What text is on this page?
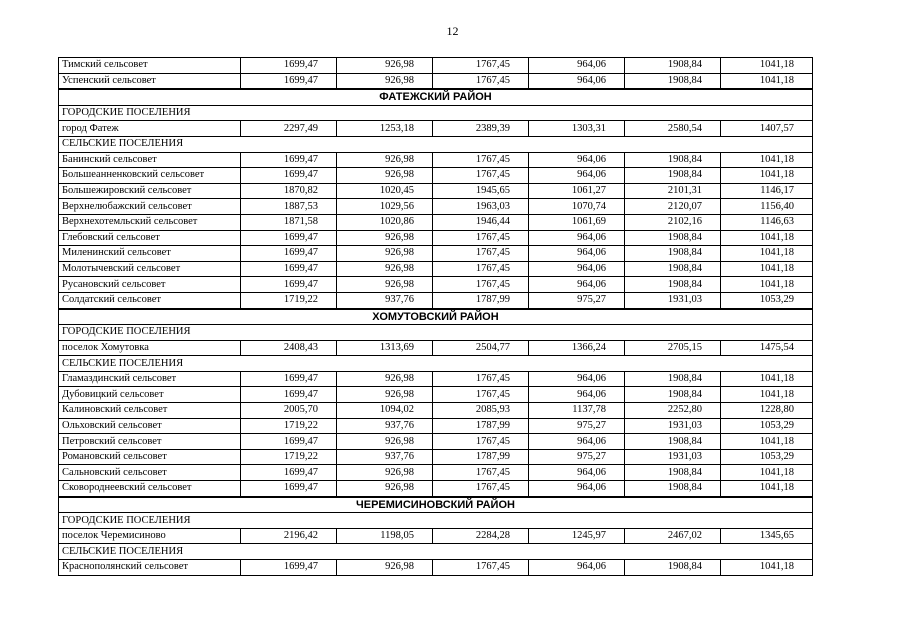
12
Тимский сельсовет	1699,47	926,98	1767,45	964,06	1908,84	1041,18
Успенский сельсовет	1699,47	926,98	1767,45	964,06	1908,84	1041,18
ФАТЕЖСКИЙ РАЙОН						
ГОРОДСКИЕ ПОСЕЛЕНИЯ						
город Фатеж	2297,49	1253,18	2389,39	1303,31	2580,54	1407,57
СЕЛЬСКИЕ ПОСЕЛЕНИЯ						
Банинский сельсовет	1699,47	926,98	1767,45	964,06	1908,84	1041,18
Большеанненковский сельсовет	1699,47	926,98	1767,45	964,06	1908,84	1041,18
Большежировский сельсовет	1870,82	1020,45	1945,65	1061,27	2101,31	1146,17
Верхнелюбажский сельсовет	1887,53	1029,56	1963,03	1070,74	2120,07	1156,40
Верхнехотемльский сельсовет	1871,58	1020,86	1946,44	1061,69	2102,16	1146,63
Глебовский сельсовет	1699,47	926,98	1767,45	964,06	1908,84	1041,18
Миленинский сельсовет	1699,47	926,98	1767,45	964,06	1908,84	1041,18
Молотычевский сельсовет	1699,47	926,98	1767,45	964,06	1908,84	1041,18
Русановский сельсовет	1699,47	926,98	1767,45	964,06	1908,84	1041,18
Солдатский сельсовет	1719,22	937,76	1787,99	975,27	1931,03	1053,29
ХОМУТОВСКИЙ РАЙОН						
ГОРОДСКИЕ ПОСЕЛЕНИЯ						
поселок Хомутовка	2408,43	1313,69	2504,77	1366,24	2705,15	1475,54
СЕЛЬСКИЕ ПОСЕЛЕНИЯ						
Гламаздинский сельсовет	1699,47	926,98	1767,45	964,06	1908,84	1041,18
Дубовицкий сельсовет	1699,47	926,98	1767,45	964,06	1908,84	1041,18
Калиновский сельсовет	2005,70	1094,02	2085,93	1137,78	2252,80	1228,80
Ольховский сельсовет	1719,22	937,76	1787,99	975,27	1931,03	1053,29
Петровский сельсовет	1699,47	926,98	1767,45	964,06	1908,84	1041,18
Романовский сельсовет	1719,22	937,76	1787,99	975,27	1931,03	1053,29
Сальновский сельсовет	1699,47	926,98	1767,45	964,06	1908,84	1041,18
Сковороднеевский сельсовет	1699,47	926,98	1767,45	964,06	1908,84	1041,18
ЧЕРЕМИСИНОВСКИЙ РАЙОН						
ГОРОДСКИЕ ПОСЕЛЕНИЯ						
поселок Черемисиново	2196,42	1198,05	2284,28	1245,97	2467,02	1345,65
СЕЛЬСКИЕ ПОСЕЛЕНИЯ						
Краснополянский сельсовет	1699,47	926,98	1767,45	964,06	1908,84	1041,18
